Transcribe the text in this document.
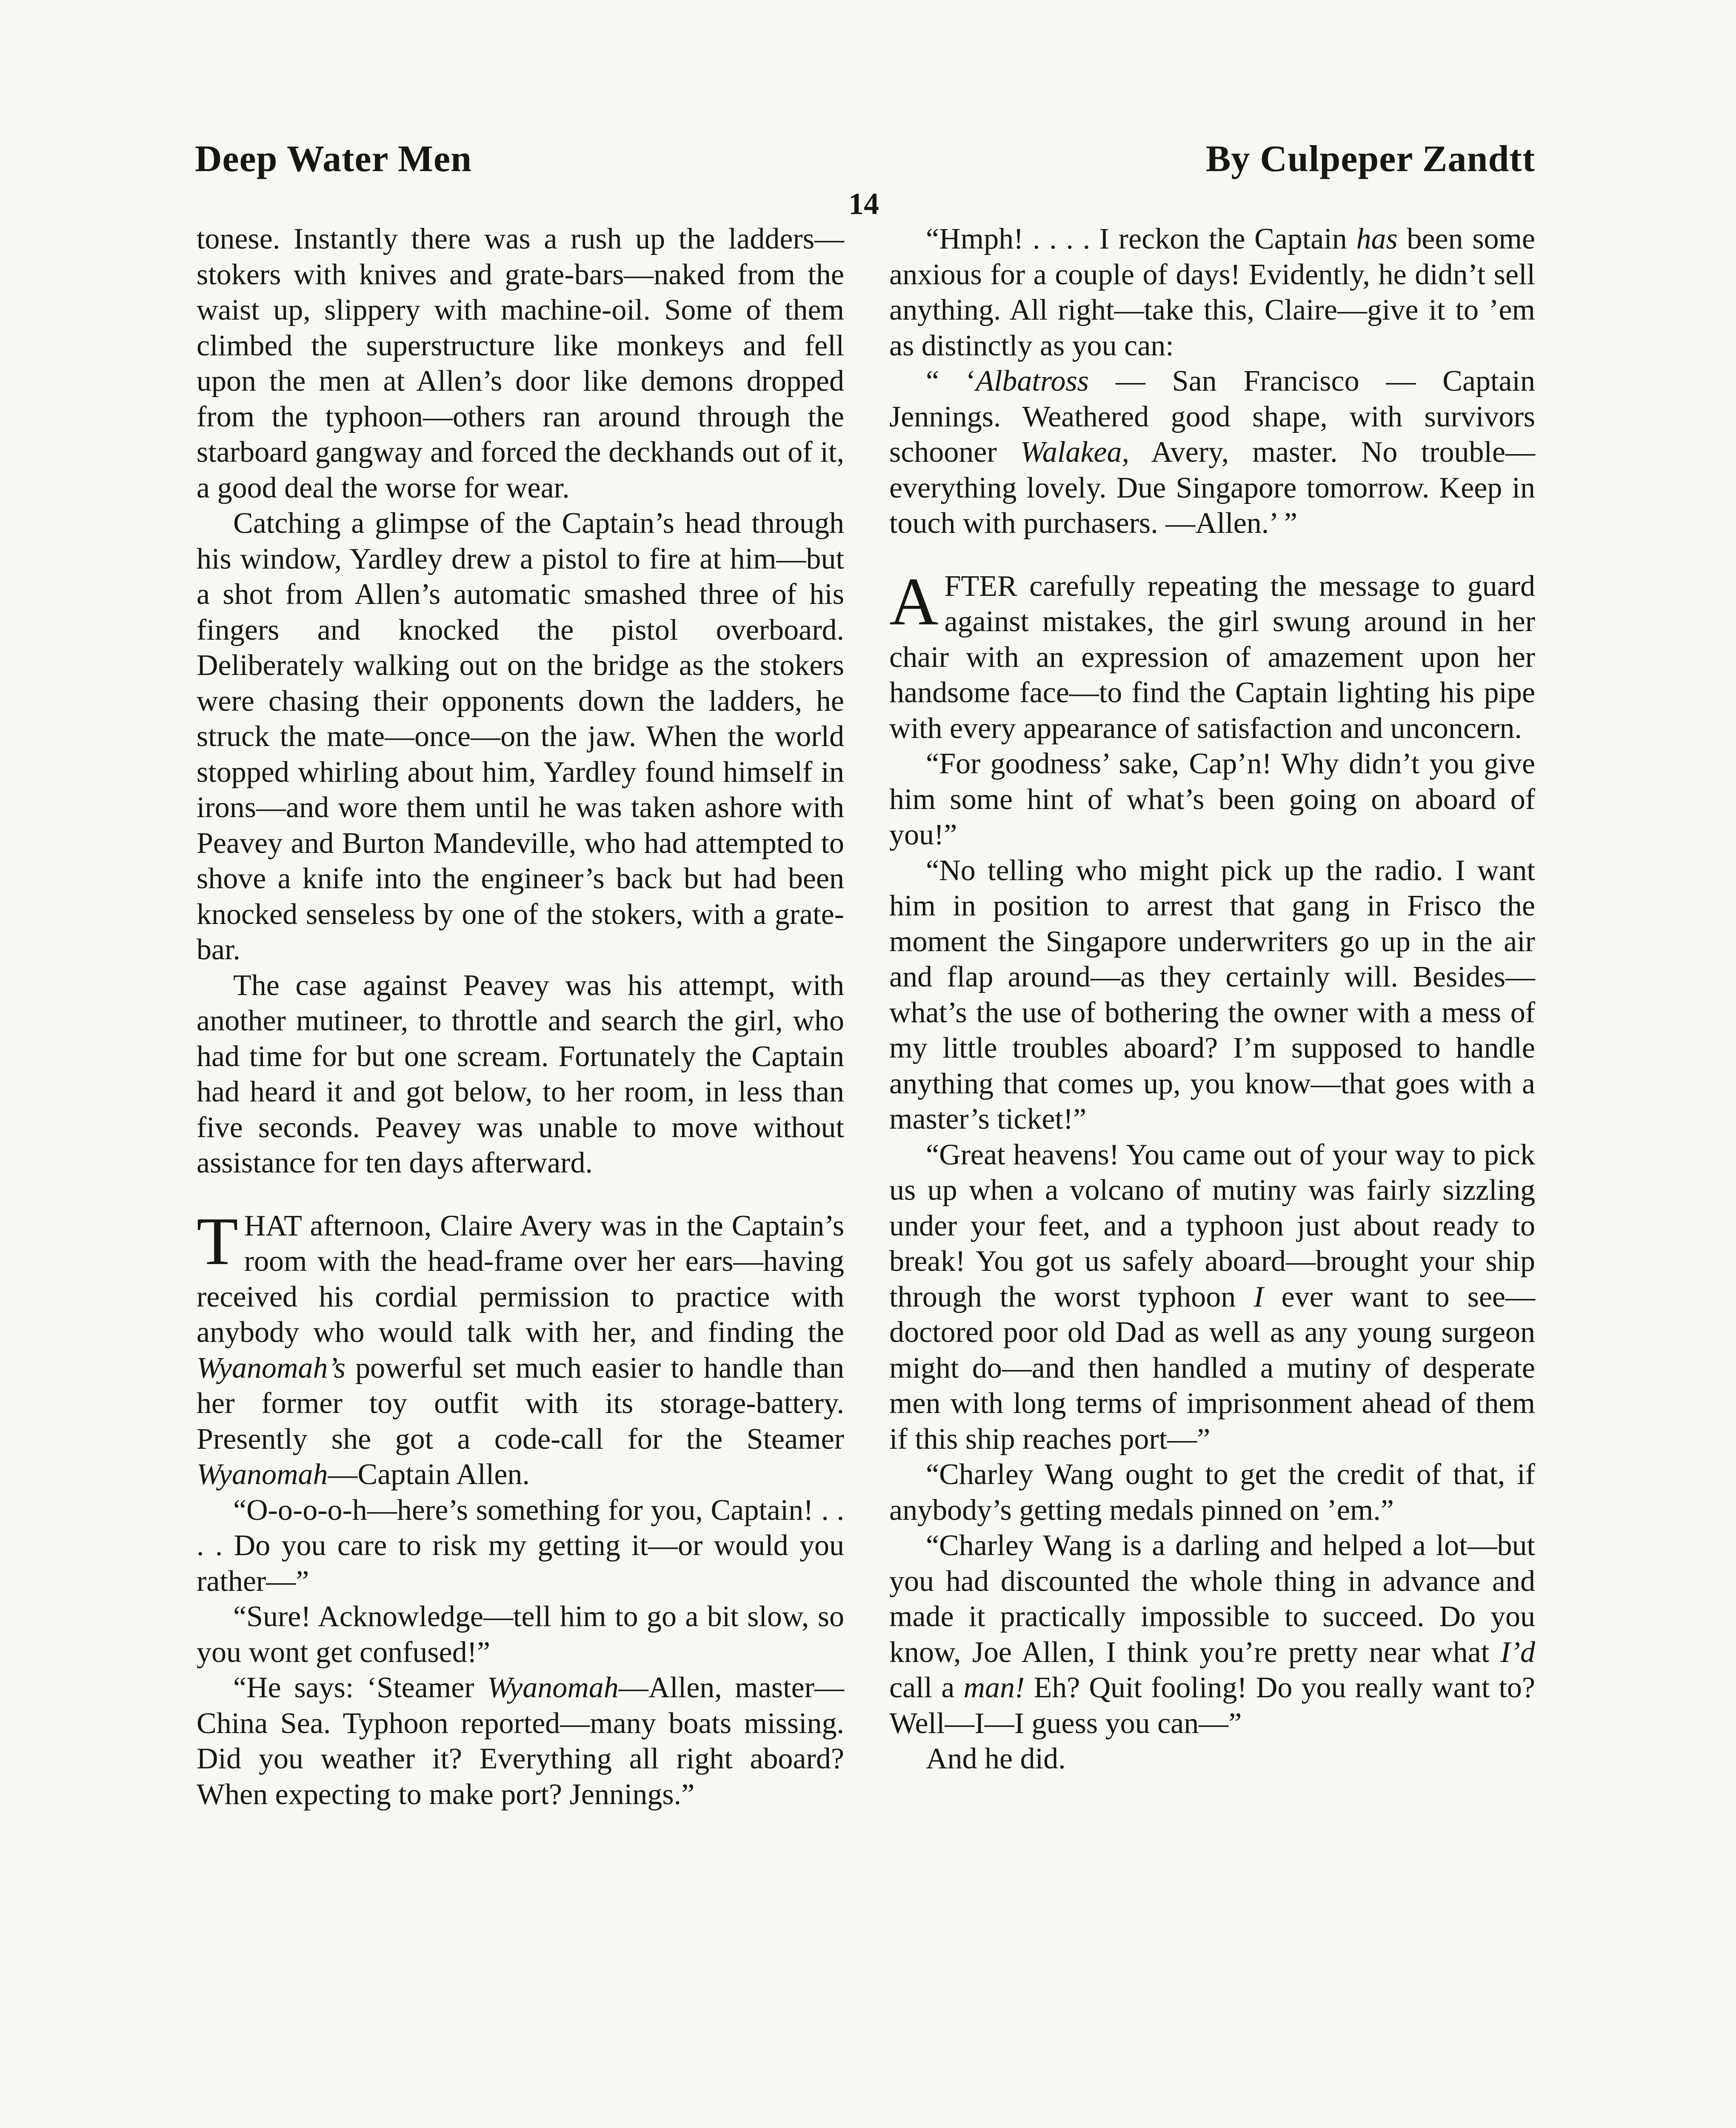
Deep Water Men	By Culpeper Zandtt
14

tonese. Instantly there was a rush up the ladders—stokers with knives and grate-bars—naked from the waist up, slippery with machine-oil. Some of them climbed the superstructure like monkeys and fell upon the men at Allen’s door like demons dropped from the typhoon—others ran around through the starboard gangway and forced the deckhands out of it, a good deal the worse for wear.

Catching a glimpse of the Captain’s head through his window, Yardley drew a pistol to fire at him—but a shot from Allen’s automatic smashed three of his fingers and knocked the pistol overboard. Deliberately walking out on the bridge as the stokers were chasing their opponents down the ladders, he struck the mate—once—on the jaw. When the world stopped whirling about him, Yardley found himself in irons—and wore them until he was taken ashore with Peavey and Burton Mandeville, who had attempted to shove a knife into the engineer’s back but had been knocked senseless by one of the stokers, with a grate-bar.

The case against Peavey was his attempt, with another mutineer, to throttle and search the girl, who had time for but one scream. Fortunately the Captain had heard it and got below, to her room, in less than five seconds. Peavey was unable to move without assistance for ten days afterward.

THAT afternoon, Claire Avery was in the Captain’s room with the head-frame over her ears—having received his cordial permission to practice with anybody who would talk with her, and finding the Wyanomah’s powerful set much easier to handle than her former toy outfit with its storage-battery. Presently she got a code-call for the Steamer Wyanomah—Captain Allen.

“O-o-o-o-h—here’s something for you, Captain! . . . . Do you care to risk my getting it—or would you rather—”

“Sure! Acknowledge—tell him to go a bit slow, so you wont get confused!”

“He says: ‘Steamer Wyanomah—Allen, master—China Sea. Typhoon reported—many boats missing. Did you weather it? Everything all right aboard? When expecting to make port? Jennings.”

“Hmph! . . . . I reckon the Captain has been some anxious for a couple of days! Evidently, he didn’t sell anything. All right—take this, Claire—give it to ’em as distinctly as you can:

“ ‘Albatross — San Francisco — Captain Jennings. Weathered good shape, with survivors schooner Walakea, Avery, master. No trouble—everything lovely. Due Singapore tomorrow. Keep in touch with purchasers. —Allen.’ ”

AFTER carefully repeating the message to guard against mistakes, the girl swung around in her chair with an expression of amazement upon her handsome face—to find the Captain lighting his pipe with every appearance of satisfaction and unconcern.

“For goodness’ sake, Cap’n! Why didn’t you give him some hint of what’s been going on aboard of you!”

“No telling who might pick up the radio. I want him in position to arrest that gang in Frisco the moment the Singapore underwriters go up in the air and flap around—as they certainly will. Besides—what’s the use of bothering the owner with a mess of my little troubles aboard? I’m supposed to handle anything that comes up, you know—that goes with a master’s ticket!”

“Great heavens! You came out of your way to pick us up when a volcano of mutiny was fairly sizzling under your feet, and a typhoon just about ready to break! You got us safely aboard—brought your ship through the worst typhoon I ever want to see—doctored poor old Dad as well as any young surgeon might do—and then handled a mutiny of desperate men with long terms of imprisonment ahead of them if this ship reaches port—”

“Charley Wang ought to get the credit of that, if anybody’s getting medals pinned on ’em.”

“Charley Wang is a darling and helped a lot—but you had discounted the whole thing in advance and made it practically impossible to succeed. Do you know, Joe Allen, I think you’re pretty near what I’d call a man! Eh? Quit fooling! Do you really want to? Well—I—I guess you can—”

And he did.
